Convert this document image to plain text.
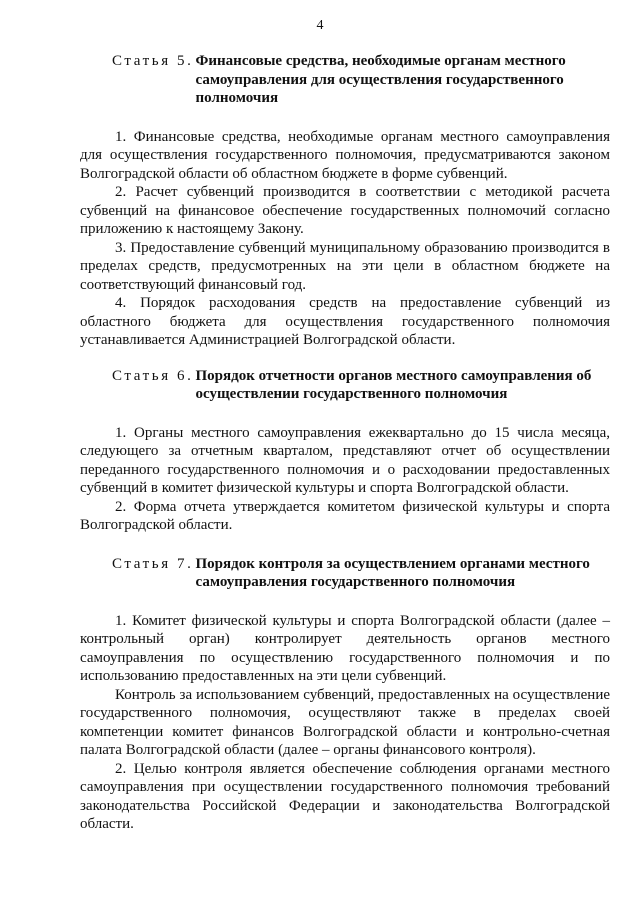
4
Статья 5. Финансовые средства, необходимые органам местного самоуправления для осуществления государственного полномочия

1. Финансовые средства, необходимые органам местного самоуправления для осуществления государственного полномочия, предусматриваются законом Волгоградской области об областном бюджете в форме субвенций.

2. Расчет субвенций производится в соответствии с методикой расчета субвенций на финансовое обеспечение государственных полномочий согласно приложению к настоящему Закону.

3. Предоставление субвенций муниципальному образованию производится в пределах средств, предусмотренных на эти цели в областном бюджете на соответствующий финансовый год.

4. Порядок расходования средств на предоставление субвенций из областного бюджета для осуществления государственного полномочия устанавливается Администрацией Волгоградской области.

Статья 6. Порядок отчетности органов местного самоуправления об осуществлении государственного полномочия

1. Органы местного самоуправления ежеквартально до 15 числа месяца, следующего за отчетным кварталом, представляют отчет об осуществлении переданного государственного полномочия и о расходовании предоставленных субвенций в комитет физической культуры и спорта Волгоградской области.

2. Форма отчета утверждается комитетом физической культуры и спорта Волгоградской области.

Статья 7. Порядок контроля за осуществлением органами местного самоуправления государственного полномочия

1. Комитет физической культуры и спорта Волгоградской области (далее – контрольный орган) контролирует деятельность органов местного самоуправления по осуществлению государственного полномочия и по использованию предоставленных на эти цели субвенций.

Контроль за использованием субвенций, предоставленных на осуществление государственного полномочия, осуществляют также в пределах своей компетенции комитет финансов Волгоградской области и контрольно-счетная палата Волгоградской области (далее – органы финансового контроля).

2. Целью контроля является обеспечение соблюдения органами местного самоуправления при осуществлении государственного полномочия требований законодательства Российской Федерации и законодательства Волгоградской области.
